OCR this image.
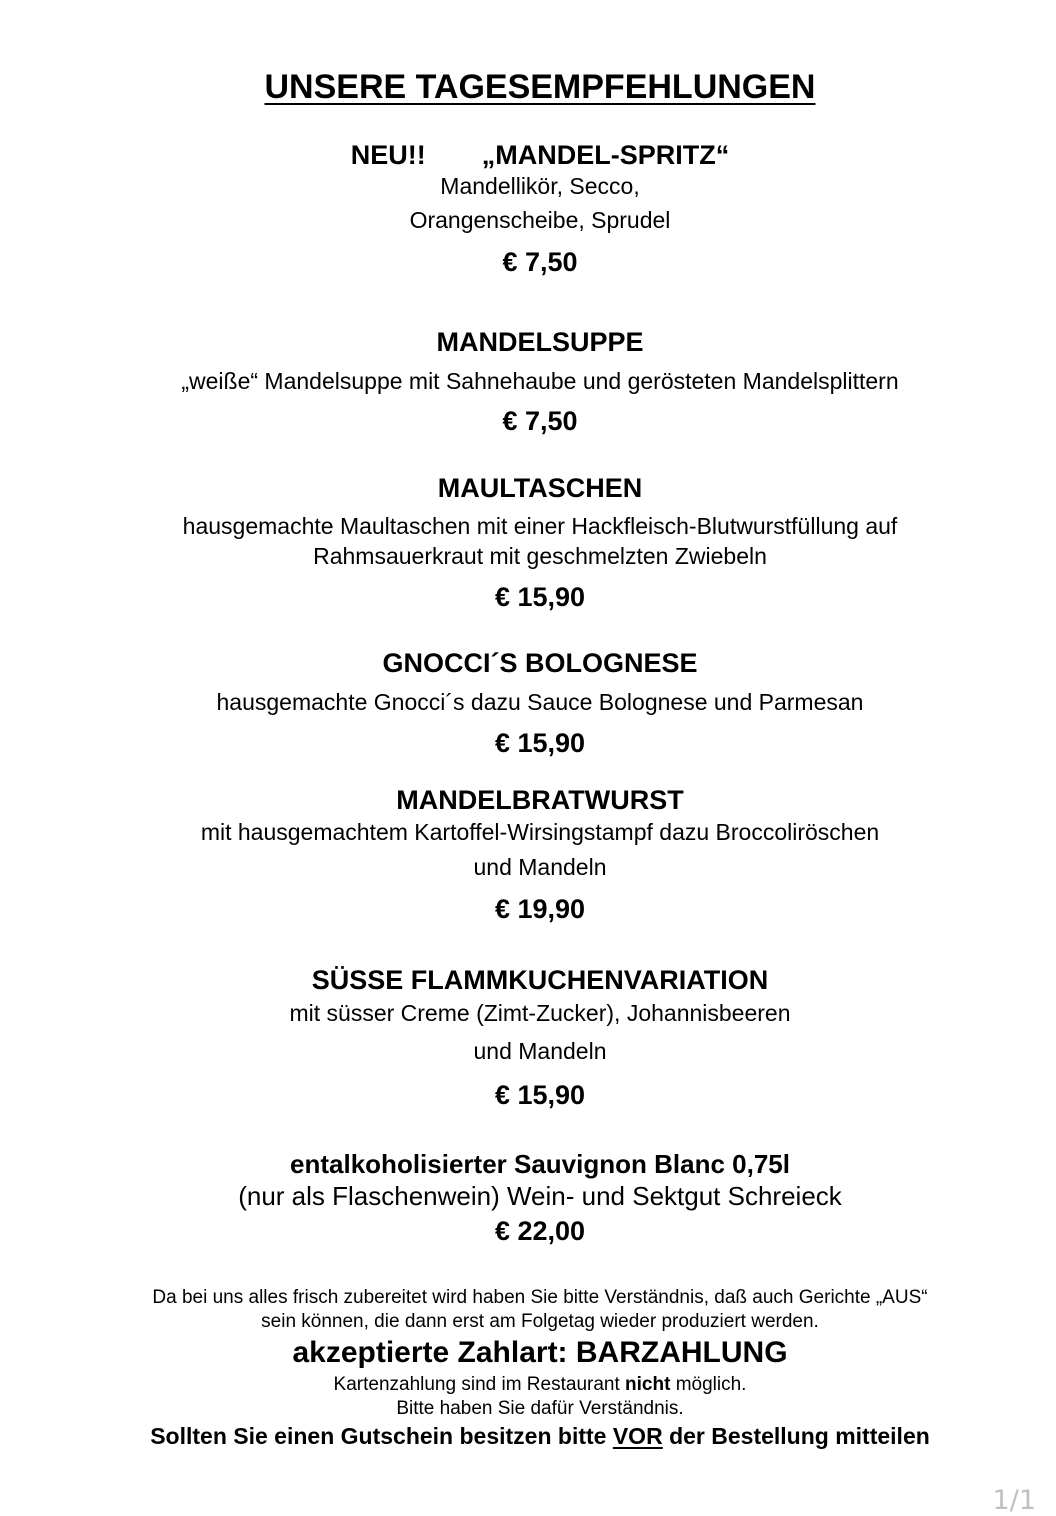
UNSERE TAGESEMPFEHLUNGEN
NEU!! „MANDEL-SPRITZ“
Mandellikör, Secco,
Orangenscheibe, Sprudel
€ 7,50
MANDELSUPPE
„weiße“ Mandelsuppe mit Sahnehaube und gerösteten Mandelsplittern
€ 7,50
MAULTASCHEN
hausgemachte Maultaschen mit einer Hackfleisch-Blutwurstfüllung auf
Rahmsauerkraut mit geschmelzten Zwiebeln
€ 15,90
GNOCCI´S BOLOGNESE
hausgemachte Gnocci´s dazu Sauce Bolognese und Parmesan
€ 15,90
MANDELBRATWURST
mit hausgemachtem Kartoffel-Wirsingstampf dazu Broccoliröschen
und Mandeln
€ 19,90
SÜSSE FLAMMKUCHENVARIATION
mit süsser Creme (Zimt-Zucker), Johannisbeeren
und Mandeln
€ 15,90
entalkoholisierter Sauvignon Blanc 0,75l
(nur als Flaschenwein) Wein- und Sektgut Schreieck
€ 22,00
Da bei uns alles frisch zubereitet wird haben Sie bitte Verständnis, daß auch Gerichte „AUS“
sein können, die dann erst am Folgetag wieder produziert werden.
akzeptierte Zahlart: BARZAHLUNG
Kartenzahlung sind im Restaurant nicht möglich.
Bitte haben Sie dafür Verständnis.
Sollten Sie einen Gutschein besitzen bitte VOR der Bestellung mitteilen
1/1
